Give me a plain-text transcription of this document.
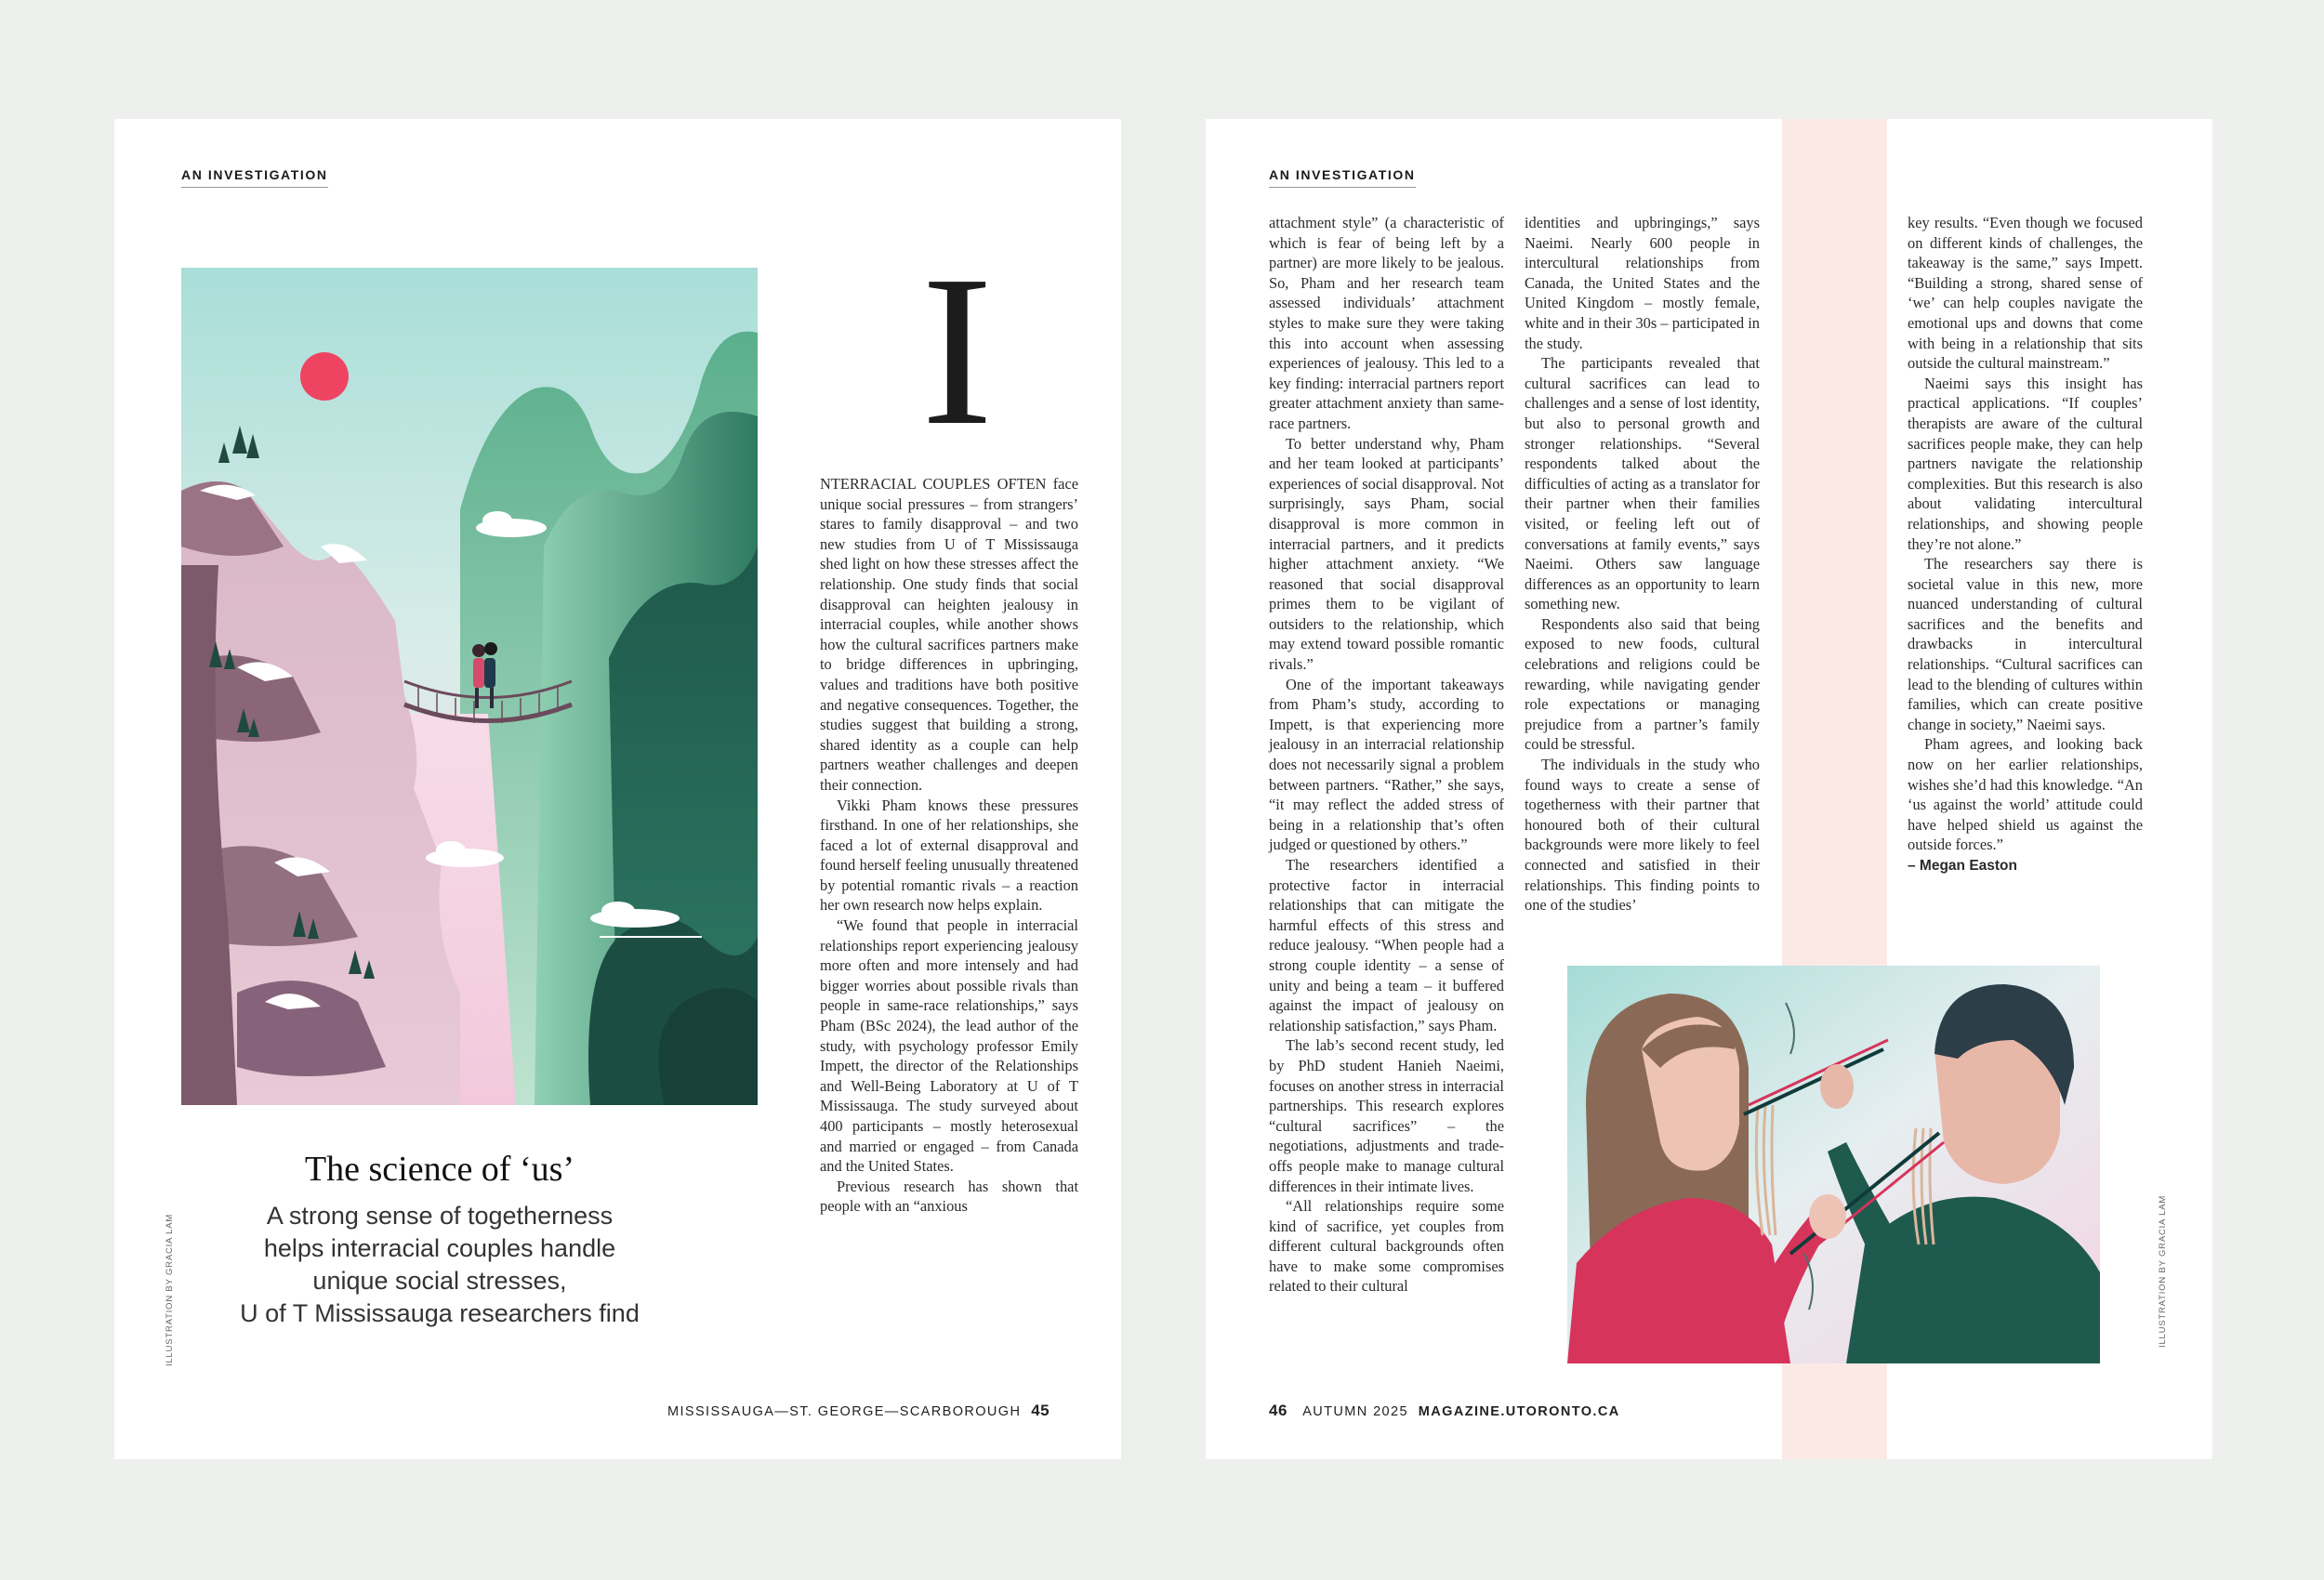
AN INVESTIGATION
I
The science of ‘us’
A strong sense of togetherness
helps interracial couples handle
unique social stresses,
U of T Mississauga researchers find
ILLUSTRATION BY GRACIA LAM

NTERRACIAL COUPLES OFTEN face unique social pressures – from strangers’ stares to family disapproval – and two new studies from U of T Mississauga shed light on how these stresses affect the relationship. One study finds that social disapproval can heighten jealousy in interracial couples, while another shows how the cultural sacrifices partners make to bridge differences in upbringing, values and traditions have both positive and negative consequences. Together, the studies suggest that building a strong, shared identity as a couple can help partners weather challenges and deepen their connection.

Vikki Pham knows these pressures firsthand. In one of her relationships, she faced a lot of external disapproval and found herself feeling unusually threatened by potential romantic rivals – a reaction her own research now helps explain.

“We found that people in interracial relationships report experiencing jealousy more often and more intensely and had bigger worries about possible rivals than people in same-race relationships,” says Pham (BSc 2024), the lead author of the study, with psychology professor Emily Impett, the director of the Relationships and Well-Being Laboratory at U of T Mississauga. The study surveyed about 400 participants – mostly heterosexual and married or engaged – from Canada and the United States.

Previous research has shown that people with an “anxious

MISSISSAUGA—ST. GEORGE—SCARBOROUGH 45
AN INVESTIGATION

attachment style” (a characteristic of which is fear of being left by a partner) are more likely to be jealous. So, Pham and her research team assessed individuals’ attachment styles to make sure they were taking this into account when assessing experiences of jealousy. This led to a key finding: interracial partners report greater attachment anxiety than same-race partners.

To better understand why, Pham and her team looked at participants’ experiences of social disapproval. Not surprisingly, says Pham, social disapproval is more common in interracial partners, and it predicts higher attachment anxiety. “We reasoned that social disapproval primes them to be vigilant of outsiders to the relationship, which may extend toward possible romantic rivals.”

One of the important takeaways from Pham’s study, according to Impett, is that experiencing more jealousy in an interracial relationship does not necessarily signal a problem between partners. “Rather,” she says, “it may reflect the added stress of being in a relationship that’s often judged or questioned by others.”

The researchers identified a protective factor in interracial relationships that can mitigate the harmful effects of this stress and reduce jealousy. “When people had a strong couple identity – a sense of unity and being a team – it buffered against the impact of jealousy on relationship satisfaction,” says Pham.

The lab’s second recent study, led by PhD student Hanieh Naeimi, focuses on another stress in interracial partnerships. This research explores “cultural sacrifices” – the negotiations, adjustments and trade-offs people make to manage cultural differences in their intimate lives.

“All relationships require some kind of sacrifice, yet couples from different cultural backgrounds often have to make some compromises related to their cultural

identities and upbringings,” says Naeimi. Nearly 600 people in intercultural relationships from Canada, the United States and the United Kingdom – mostly female, white and in their 30s – participated in the study.

The participants revealed that cultural sacrifices can lead to challenges and a sense of lost identity, but also to personal growth and stronger relationships. “Several respondents talked about the difficulties of acting as a translator for their partner when their families visited, or feeling left out of conversations at family events,” says Naeimi. Others saw language differences as an opportunity to learn something new.

Respondents also said that being exposed to new foods, cultural celebrations and religions could be rewarding, while navigating gender role expectations or managing prejudice from a partner’s family could be stressful.

The individuals in the study who found ways to create a sense of togetherness with their partner that honoured both of their cultural backgrounds were more likely to feel connected and satisfied in their relationships. This finding points to one of the studies’

key results. “Even though we focused on different kinds of challenges, the takeaway is the same,” says Impett. “Building a strong, shared sense of ‘we’ can help couples navigate the emotional ups and downs that come with being in a relationship that sits outside the cultural mainstream.”

Naeimi says this insight has practical applications. “If couples’ therapists are aware of the cultural sacrifices people make, they can help partners navigate the relationship complexities. But this research is also about validating intercultural relationships, and showing people they’re not alone.”

The researchers say there is societal value in this new, more nuanced understanding of cultural sacrifices and the benefits and drawbacks in intercultural relationships. “Cultural sacrifices can lead to the blending of cultures within families, which can create positive change in society,” Naeimi says.

Pham agrees, and looking back now on her earlier relationships, wishes she’d had this knowledge. “An ‘us against the world’ attitude could have helped shield us against the outside forces.”

– Megan Easton

ILLUSTRATION BY GRACIA LAM
46 AUTUMN 2025 MAGAZINE.UTORONTO.CA
